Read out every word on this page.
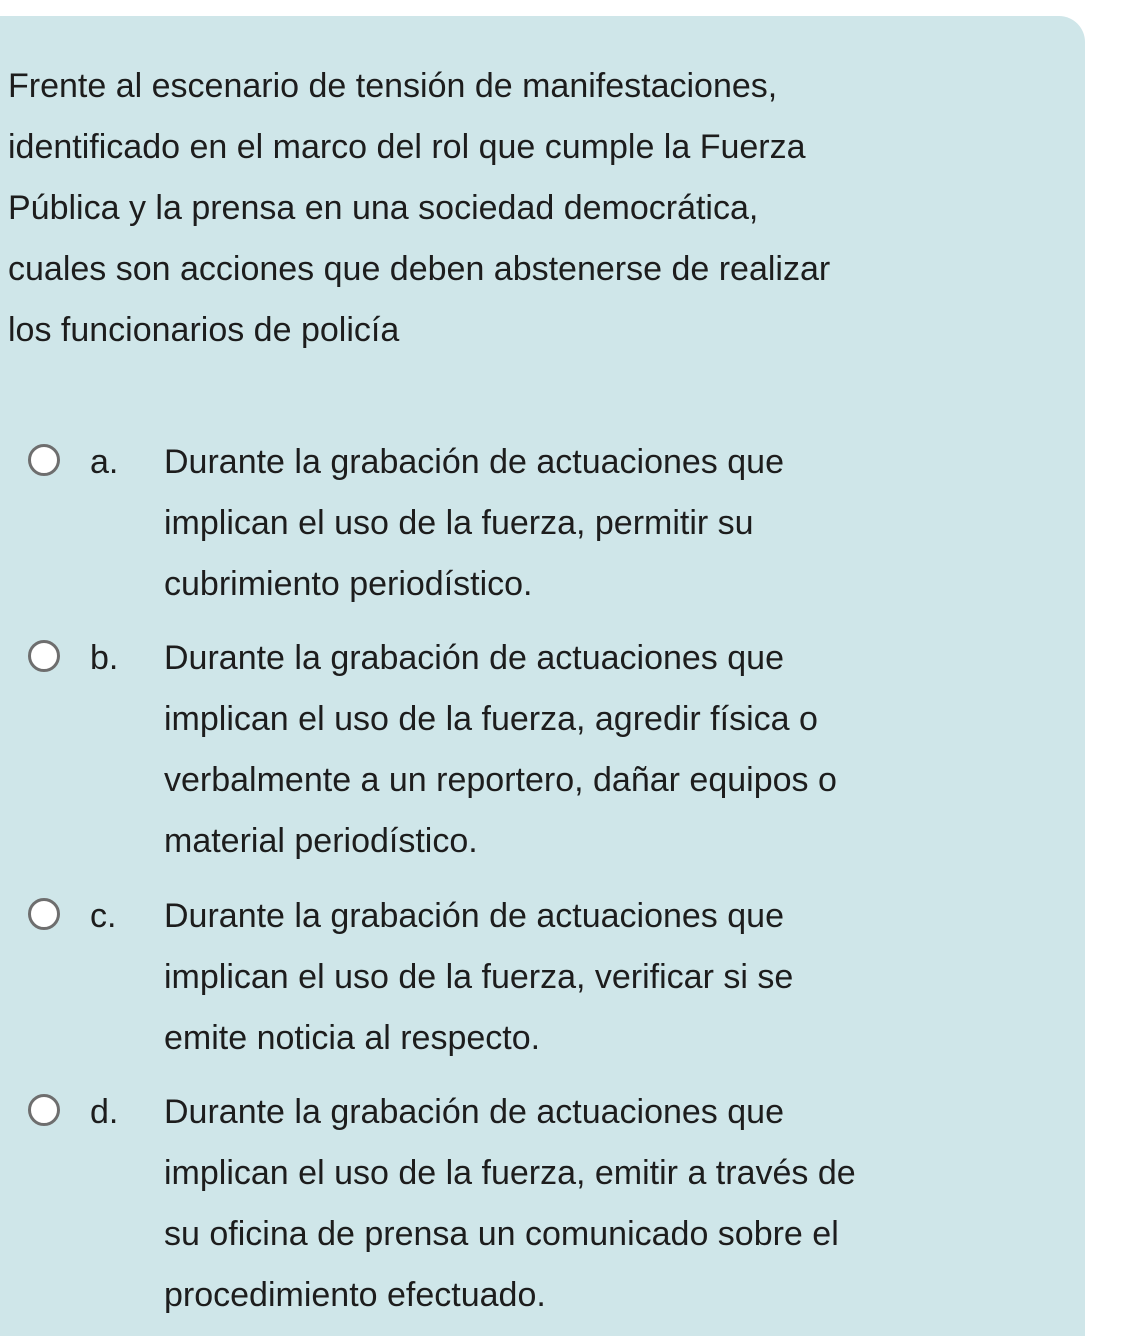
Frente al escenario de tensión de manifestaciones,
identificado en el marco del rol que cumple la Fuerza
Pública y la prensa en una sociedad democrática,
cuales son acciones que deben abstenerse de realizar
los funcionarios de policía
a. Durante la grabación de actuaciones que
implican el uso de la fuerza, permitir su
cubrimiento periodístico.
b. Durante la grabación de actuaciones que
implican el uso de la fuerza, agredir física o
verbalmente a un reportero, dañar equipos o
material periodístico.
c. Durante la grabación de actuaciones que
implican el uso de la fuerza, verificar si se
emite noticia al respecto.
d. Durante la grabación de actuaciones que
implican el uso de la fuerza, emitir a través de
su oficina de prensa un comunicado sobre el
procedimiento efectuado.
